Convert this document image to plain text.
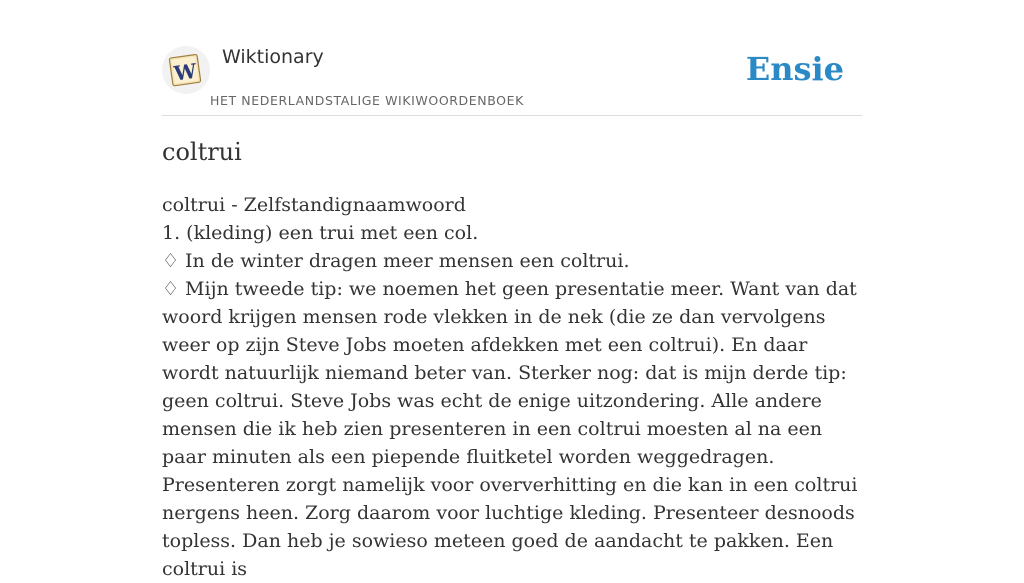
W
Wiktionary
HET NEDERLANDSTALIGE WIKIWOORDENBOEK
Ensie
coltrui

coltrui - Zelfstandignaamwoord

1. (kleding) een trui met een col.

♢ In de winter dragen meer mensen een coltrui.

♢ Mijn tweede tip: we noemen het geen presentatie meer. Want van dat woord krijgen mensen rode vlekken in de nek (die ze dan vervolgens weer op zijn Steve Jobs moeten afdekken met een coltrui). En daar wordt natuurlijk niemand beter van. Sterker nog: dat is mijn derde tip: geen coltrui. Steve Jobs was echt de enige uitzondering. Alle andere mensen die ik heb zien presenteren in een coltrui moesten al na een paar minuten als een piepende fluitketel worden weggedragen. Presenteren zorgt namelijk voor oververhitting en die kan in een coltrui nergens heen. Zorg daarom voor luchtige kleding. Presenteer desnoods topless. Dan heb je sowieso meteen goed de aandacht te pakken. Een coltrui is
